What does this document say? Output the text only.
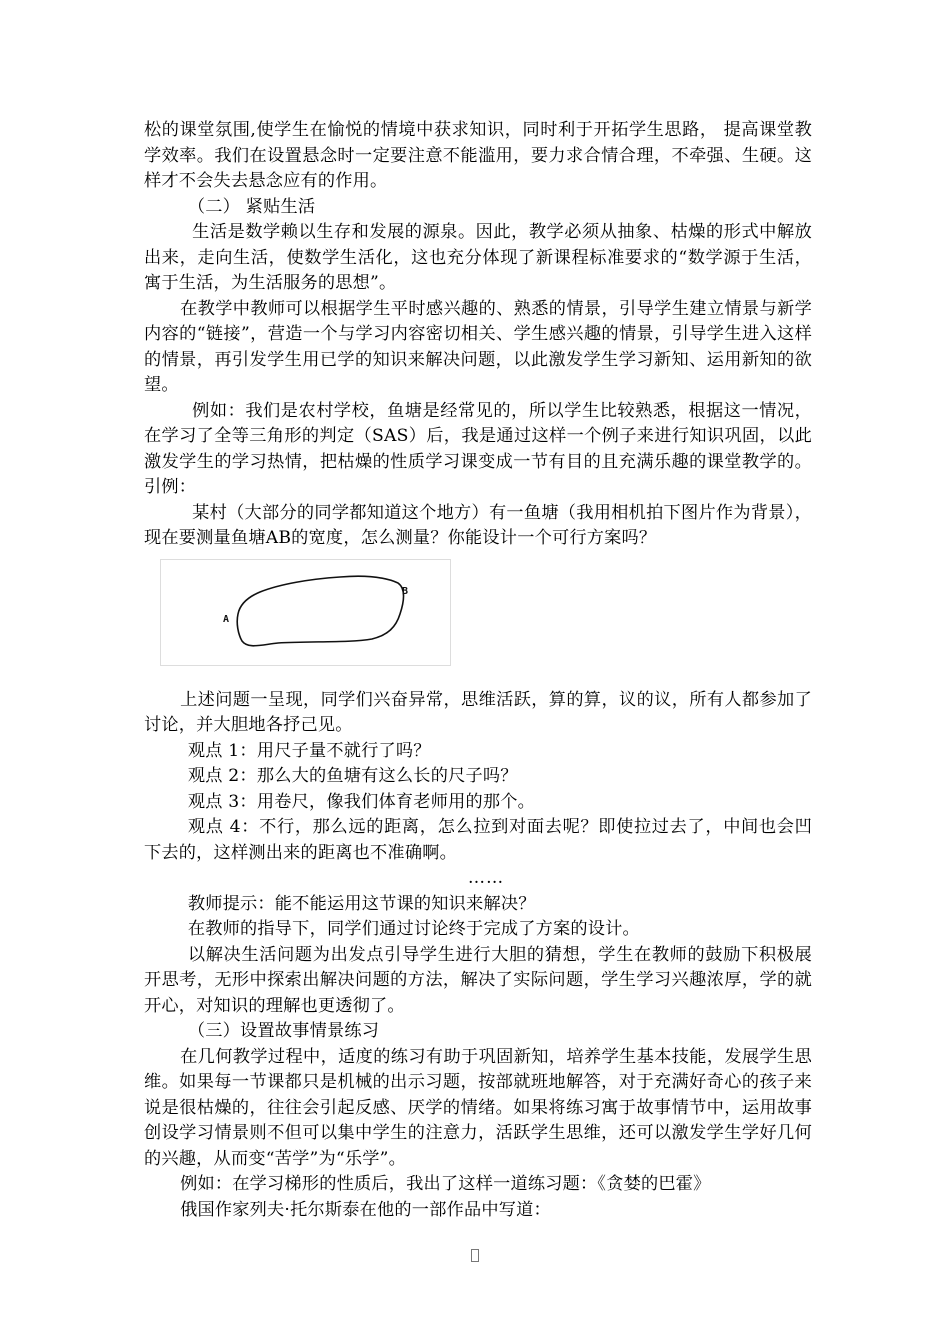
松的课堂氛围,使学生在愉悦的情境中获求知识，同时利于开拓学生思路， 提高课堂教学效率。我们在设置悬念时一定要注意不能滥用，要力求合情合理，不牵强、生硬。这样才不会失去悬念应有的作用。

（二） 紧贴生活

生活是数学赖以生存和发展的源泉。因此，教学必须从抽象、枯燥的形式中解放出来，走向生活，使数学生活化，这也充分体现了新课程标准要求的“数学源于生活，寓于生活，为生活服务的思想”。

在教学中教师可以根据学生平时感兴趣的、熟悉的情景，引导学生建立情景与新学内容的“链接”，营造一个与学习内容密切相关、学生感兴趣的情景，引导学生进入这样的情景，再引发学生用已学的知识来解决问题，以此激发学生学习新知、运用新知的欲望。

例如：我们是农村学校，鱼塘是经常见的，所以学生比较熟悉，根据这一情况，在学习了全等三角形的判定（SAS）后，我是通过这样一个例子来进行知识巩固，以此激发学生的学习热情，把枯燥的性质学习课变成一节有目的且充满乐趣的课堂教学的。引例：

某村（大部分的同学都知道这个地方）有一鱼塘（我用相机拍下图片作为背景），现在要测量鱼塘AB的宽度，怎么测量？你能设计一个可行方案吗？

A
B

上述问题一呈现，同学们兴奋异常，思维活跃，算的算，议的议，所有人都参加了讨论，并大胆地各抒己见。

观点 1：用尺子量不就行了吗？

观点 2：那么大的鱼塘有这么长的尺子吗？

观点 3：用卷尺，像我们体育老师用的那个。

观点 4：不行，那么远的距离，怎么拉到对面去呢？即使拉过去了，中间也会凹下去的，这样测出来的距离也不准确啊。

……

教师提示：能不能运用这节课的知识来解决？

在教师的指导下，同学们通过讨论终于完成了方案的设计。

以解决生活问题为出发点引导学生进行大胆的猜想，学生在教师的鼓励下积极展开思考，无形中探索出解决问题的方法，解决了实际问题，学生学习兴趣浓厚，学的就开心，对知识的理解也更透彻了。

（三）设置故事情景练习

在几何教学过程中，适度的练习有助于巩固新知，培养学生基本技能，发展学生思维。如果每一节课都只是机械的出示习题，按部就班地解答，对于充满好奇心的孩子来说是很枯燥的，往往会引起反感、厌学的情绪。如果将练习寓于故事情节中，运用故事创设学习情景则不但可以集中学生的注意力，活跃学生思维，还可以激发学生学好几何的兴趣，从而变“苦学”为“乐学”。

例如：在学习梯形的性质后，我出了这样一道练习题：《贪婪的巴霍》

俄国作家列夫·托尔斯泰在他的一部作品中写道：
